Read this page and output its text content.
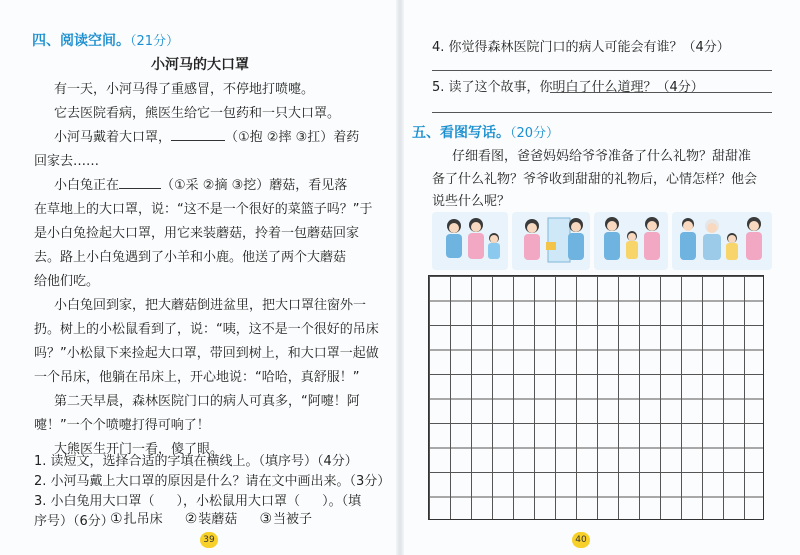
四、阅读空间。（21分）
小河马的大口罩
有一天，小河马得了重感冒，不停地打喷嚏。
它去医院看病，熊医生给它一包药和一只大口罩。
小河马戴着大口罩，	（①抱 ②摔 ③扛）着药
回家去……
小白兔正在	（①采 ②摘 ③挖）蘑菇，看见落
在草地上的大口罩，说：“这不是一个很好的菜篮子吗？”于
是小白兔捡起大口罩，用它来装蘑菇，拎着一包蘑菇回家
去。路上小白兔遇到了小羊和小鹿。他送了两个大蘑菇
给他们吃。
小白兔回到家，把大蘑菇倒进盆里，把大口罩往窗外一
扔。树上的小松鼠看到了，说：“咦，这不是一个很好的吊床
吗？”小松鼠下来捡起大口罩，带回到树上，和大口罩一起做
一个吊床，他躺在吊床上，开心地说：“哈哈，真舒服！”
第二天早晨，森林医院门口的病人可真多，“阿嚏！阿
嚏！”一个个喷嚏打得可响了！
大熊医生开门一看，傻了眼。
1. 读短文，选择合适的字填在横线上。（填序号）（4分）
2. 小河马戴上大口罩的原因是什么？请在文中画出来。（3分）
3. 小白兔用大口罩（ ），小松鼠用大口罩（ ）。（填
序号）（6分）
39
4. 你觉得森林医院门口的病人可能会有谁？（4分）
5. 读了这个故事，你明白了什么道理？（4分）
五、看图写话。（20分）
仔细看图，爸爸妈妈给爷爷准备了什么礼物？甜甜准
备了什么礼物？爷爷收到甜甜的礼物后，心情怎样？他会
说些什么呢？
40
①扎吊床 ②装蘑菇 ③当被子
